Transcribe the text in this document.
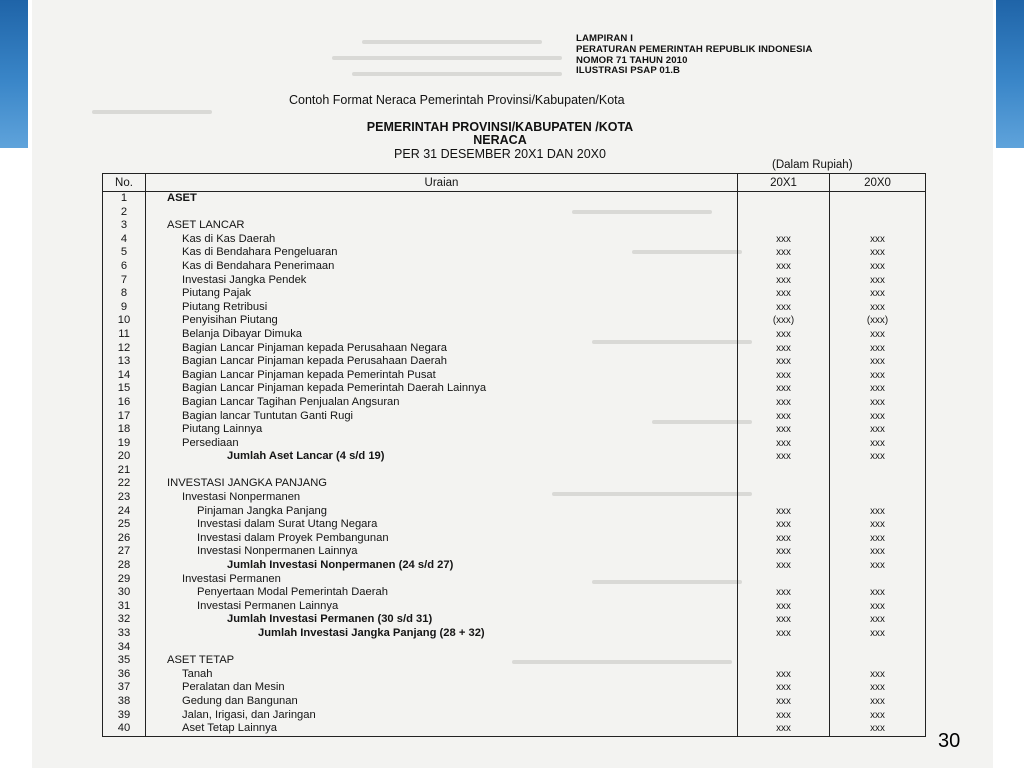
LAMPIRAN I
PERATURAN PEMERINTAH REPUBLIK INDONESIA
NOMOR 71 TAHUN 2010
ILUSTRASI PSAP 01.B
Contoh Format Neraca Pemerintah Provinsi/Kabupaten/Kota
PEMERINTAH PROVINSI/KABUPATEN /KOTA
NERACA
PER 31 DESEMBER 20X1 DAN 20X0
(Dalam Rupiah)
No.	Uraian	20X1	20X0
1	ASET		
2			
3	ASET LANCAR		
4	Kas di Kas Daerah	xxx	xxx
5	Kas di Bendahara Pengeluaran	xxx	xxx
6	Kas di Bendahara Penerimaan	xxx	xxx
7	Investasi Jangka Pendek	xxx	xxx
8	Piutang Pajak	xxx	xxx
9	Piutang Retribusi	xxx	xxx
10	Penyisihan Piutang	(xxx)	(xxx)
11	Belanja Dibayar Dimuka	xxx	xxx
12	Bagian Lancar Pinjaman kepada Perusahaan Negara	xxx	xxx
13	Bagian Lancar Pinjaman kepada Perusahaan Daerah	xxx	xxx
14	Bagian Lancar Pinjaman kepada Pemerintah Pusat	xxx	xxx
15	Bagian Lancar Pinjaman kepada Pemerintah Daerah Lainnya	xxx	xxx
16	Bagian Lancar Tagihan Penjualan Angsuran	xxx	xxx
17	Bagian lancar Tuntutan Ganti Rugi	xxx	xxx
18	Piutang Lainnya	xxx	xxx
19	Persediaan	xxx	xxx
20	Jumlah Aset Lancar (4 s/d 19)	xxx	xxx
21			
22	INVESTASI JANGKA PANJANG		
23	Investasi Nonpermanen		
24	Pinjaman Jangka Panjang	xxx	xxx
25	Investasi dalam Surat Utang Negara	xxx	xxx
26	Investasi dalam Proyek Pembangunan	xxx	xxx
27	Investasi Nonpermanen Lainnya	xxx	xxx
28	Jumlah Investasi Nonpermanen (24 s/d 27)	xxx	xxx
29	Investasi Permanen		
30	Penyertaan Modal Pemerintah Daerah	xxx	xxx
31	Investasi Permanen Lainnya	xxx	xxx
32	Jumlah Investasi Permanen (30 s/d 31)	xxx	xxx
33	Jumlah Investasi Jangka Panjang (28 + 32)	xxx	xxx
34			
35	ASET TETAP		
36	Tanah	xxx	xxx
37	Peralatan dan Mesin	xxx	xxx
38	Gedung dan Bangunan	xxx	xxx
39	Jalan, Irigasi, dan Jaringan	xxx	xxx
40	Aset Tetap Lainnya	xxx	xxx
30
